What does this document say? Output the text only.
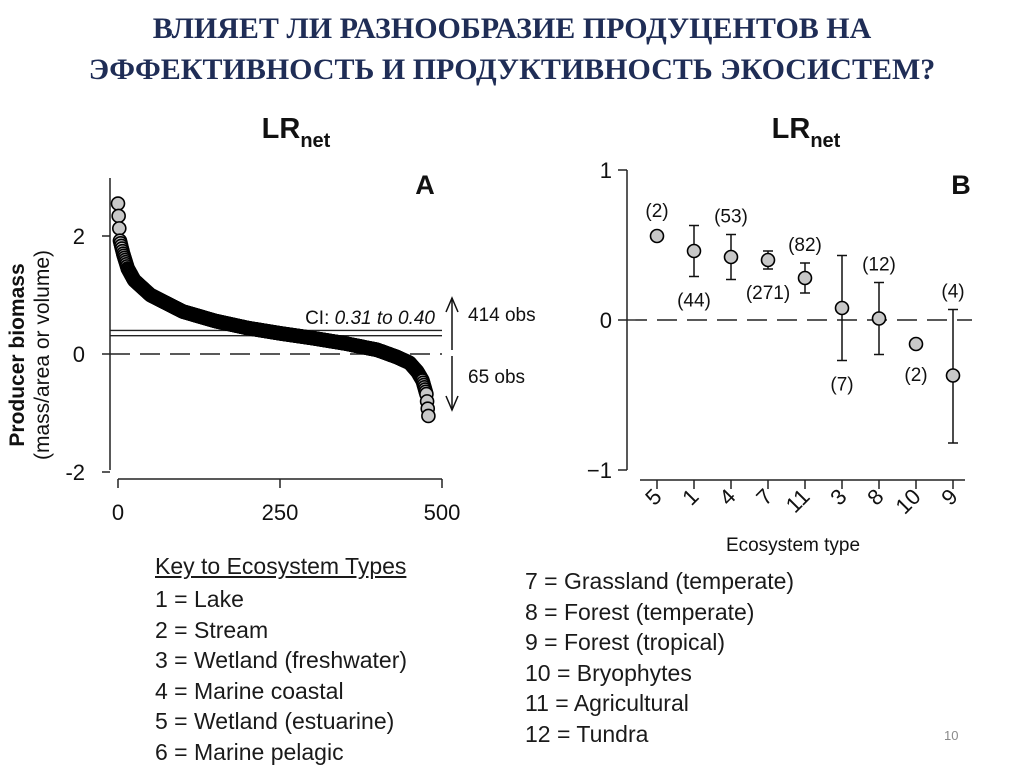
ВЛИЯЕТ ЛИ РАЗНООБРАЗИЕ ПРОДУЦЕНТОВ НА
ЭФФЕКТИВНОСТЬ И ПРОДУКТИВНОСТЬ ЭКОСИСТЕМ?
$LR_{net}$
A
Producer biomass(mass/area or volume)
2
0
-2
0	250	500
CI: 0.31 to 0.40 414 obs
65 obs
$LR_{net}$
B
1
0
−1
5 1 4 7 11 3 8 10 9
(2)
(44)
(53)
(271)
(82)
(7)
(12)
(2)
(4)
Ecosystem type
Key to Ecosystem Types
1 = Lake
2 = Stream
3 = Wetland (freshwater)
4 = Marine coastal
5 = Wetland (estuarine)
6 = Marine pelagic
7 = Grassland (temperate)
8 = Forest (temperate)
9 = Forest (tropical)
10 = Bryophytes
11 = Agricultural
12 = Tundra	10
